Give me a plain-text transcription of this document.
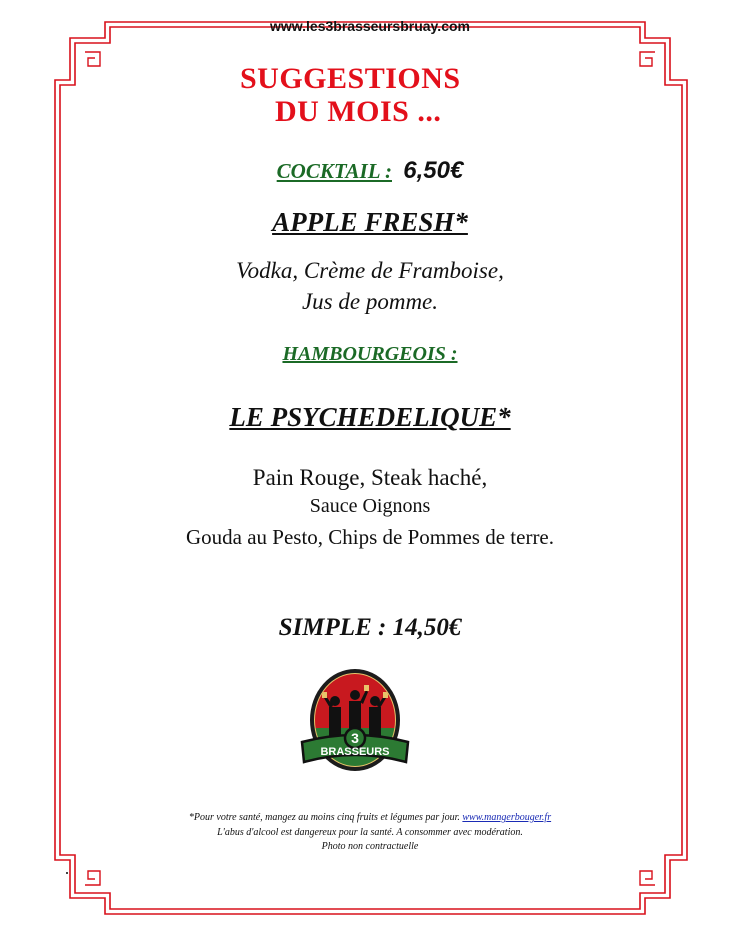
www.les3brasseursbruay.com
SUGGESTIONS
DU MOIS ...
COCKTAIL : 6,50€
APPLE FRESH*
Vodka, Crème de Framboise,
Jus de pomme.
HAMBOURGEOIS :
LE PSYCHEDELIQUE*
Pain Rouge, Steak haché,
Sauce Oignons
Gouda au Pesto, Chips de Pommes de terre.
SIMPLE : 14,50€
3
BRASSEURS
*Pour votre santé, mangez au moins cinq fruits et légumes par jour. www.mangerbouger.fr
L'abus d'alcool est dangereux pour la santé. A consommer avec modération.
Photo non contractuelle
